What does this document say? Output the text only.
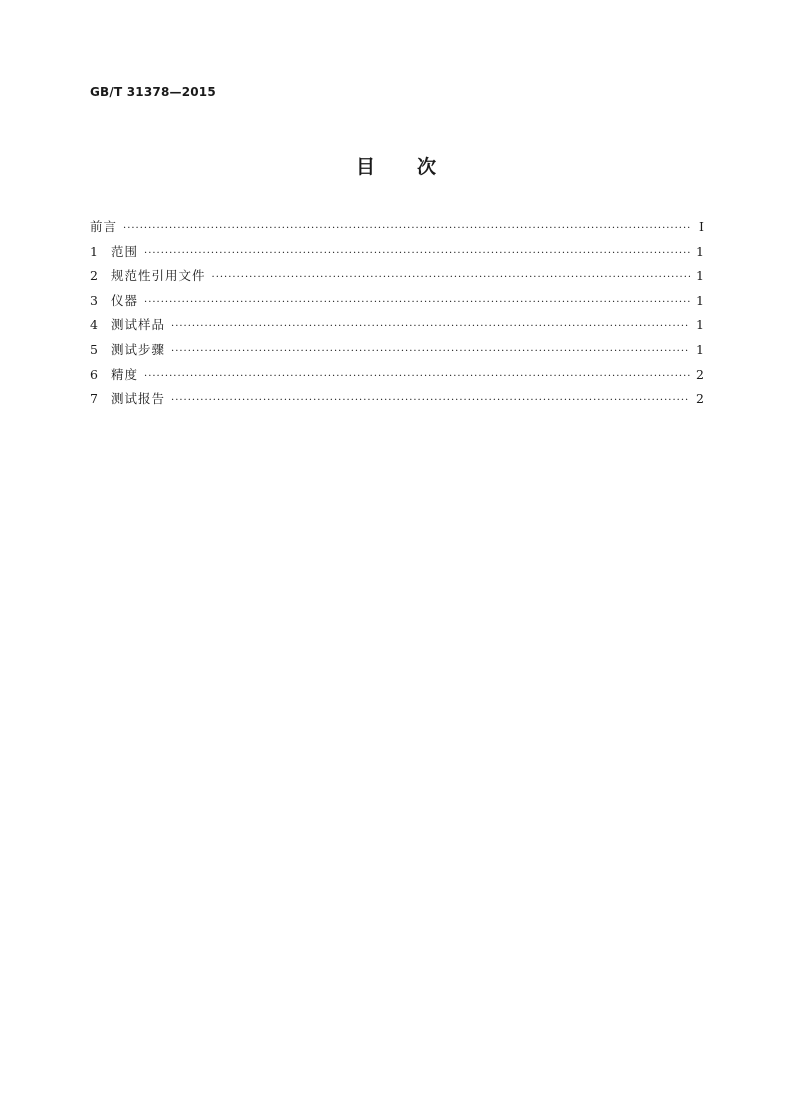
GB/T 31378—2015
目 次
前言 ·····	Ⅰ
1	范围 ·····	1
2	规范性引用文件 ·····	1
3	仪器 ·····	1
4	测试样品 ·····	1
5	测试步骤 ·····	1
6	精度 ·····	2
7	测试报告 ·····	2
